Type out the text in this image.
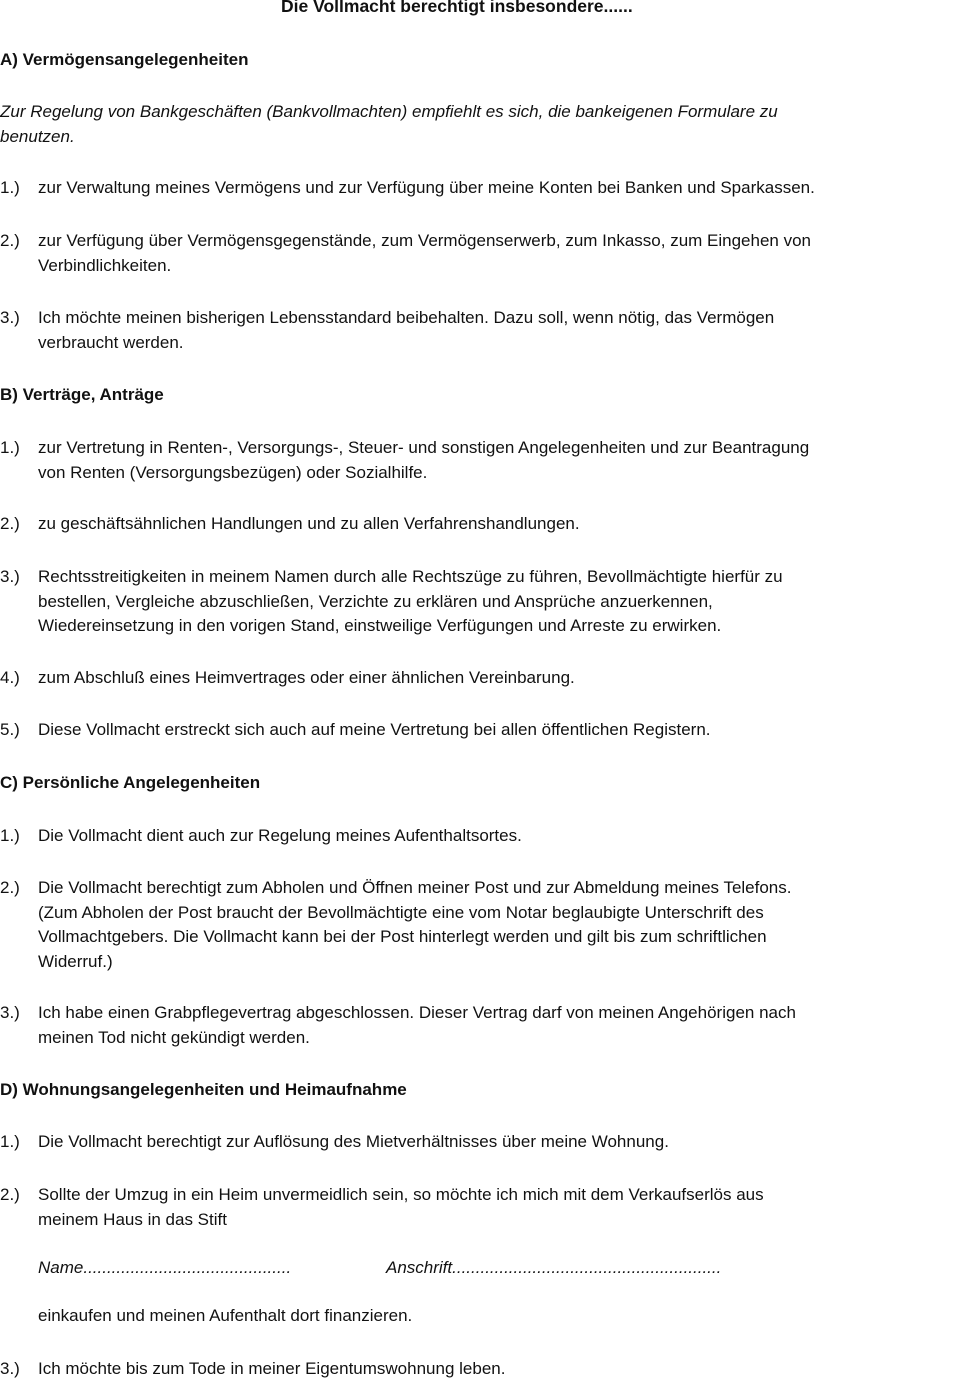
Die Vollmacht berechtigt insbesondere......
A) Vermögensangelegenheiten
Zur Regelung von Bankgeschäften (Bankvollmachten) empfiehlt es sich, die bankeigenen Formulare zu
benutzen.
1.) zur Verwaltung meines Vermögens und zur Verfügung über meine Konten bei Banken und Sparkassen.
2.) zur Verfügung über Vermögensgegenstände, zum Vermögenserwerb, zum Inkasso, zum Eingehen von
Verbindlichkeiten.
3.) Ich möchte meinen bisherigen Lebensstandard beibehalten. Dazu soll, wenn nötig, das Vermögen
verbraucht werden.
B) Verträge, Anträge
1.) zur Vertretung in Renten-, Versorgungs-, Steuer- und sonstigen Angelegenheiten und zur Beantragung
von Renten (Versorgungsbezügen) oder Sozialhilfe.
2.) zu geschäftsähnlichen Handlungen und zu allen Verfahrenshandlungen.
3.) Rechtsstreitigkeiten in meinem Namen durch alle Rechtszüge zu führen, Bevollmächtigte hierfür zu
bestellen, Vergleiche abzuschließen, Verzichte zu erklären und Ansprüche anzuerkennen,
Wiedereinsetzung in den vorigen Stand, einstweilige Verfügungen und Arreste zu erwirken.
4.) zum Abschluß eines Heimvertrages oder einer ähnlichen Vereinbarung.
5.) Diese Vollmacht erstreckt sich auch auf meine Vertretung bei allen öffentlichen Registern.
C) Persönliche Angelegenheiten
1.) Die Vollmacht dient auch zur Regelung meines Aufenthaltsortes.
2.) Die Vollmacht berechtigt zum Abholen und Öffnen meiner Post und zur Abmeldung meines Telefons.
(Zum Abholen der Post braucht der Bevollmächtigte eine vom Notar beglaubigte Unterschrift des
Vollmachtgebers. Die Vollmacht kann bei der Post hinterlegt werden und gilt bis zum schriftlichen
Widerruf.)
3.) Ich habe einen Grabpflegevertrag abgeschlossen. Dieser Vertrag darf von meinen Angehörigen nach
meinen Tod nicht gekündigt werden.
D) Wohnungsangelegenheiten und Heimaufnahme
1.) Die Vollmacht berechtigt zur Auflösung des Mietverhältnisses über meine Wohnung.
2.) Sollte der Umzug in ein Heim unvermeidlich sein, so möchte ich mich mit dem Verkaufserlös aus
meinem Haus in das Stift
Name............................................	Anschrift.........................................................
einkaufen und meinen Aufenthalt dort finanzieren.
3.) Ich möchte bis zum Tode in meiner Eigentumswohnung leben.
